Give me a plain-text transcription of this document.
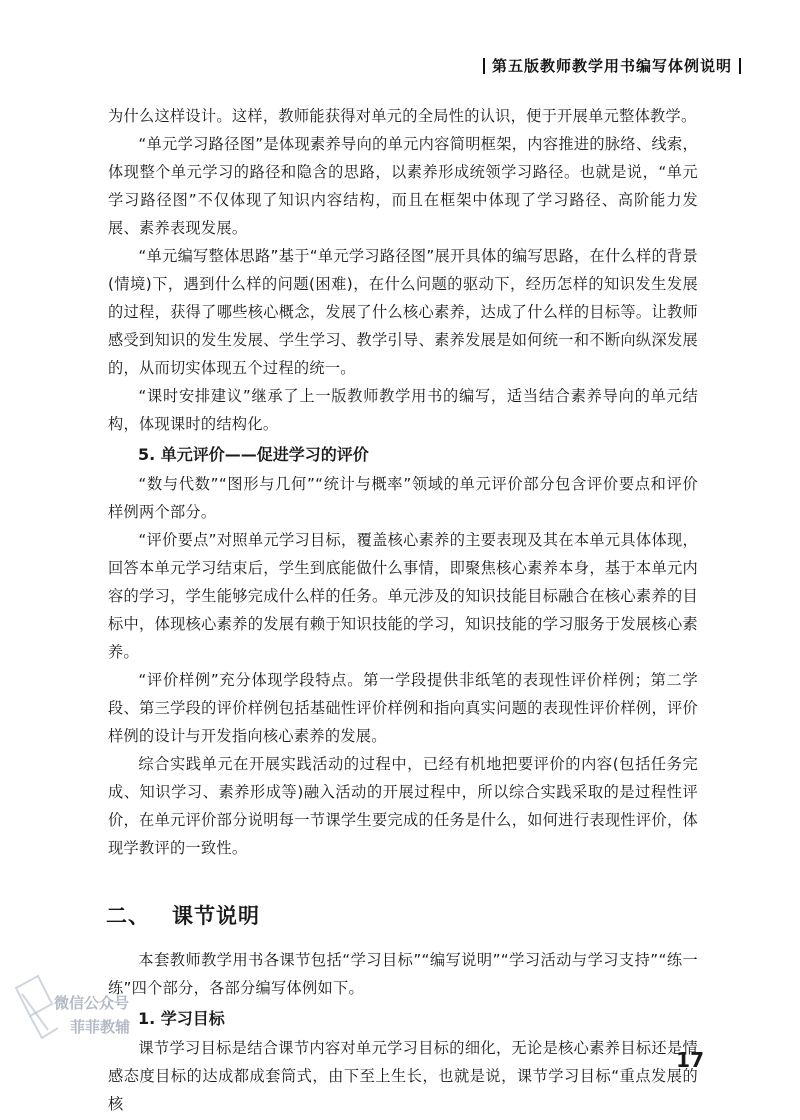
第五版教师教学用书编写体例说明

为什么这样设计。这样，教师能获得对单元的全局性的认识，便于开展单元整体教学。

“单元学习路径图”是体现素养导向的单元内容简明框架，内容推进的脉络、线索，体现整个单元学习的路径和隐含的思路，以素养形成统领学习路径。也就是说，“单元学习路径图”不仅体现了知识内容结构，而且在框架中体现了学习路径、高阶能力发展、素养表现发展。

“单元编写整体思路”基于“单元学习路径图”展开具体的编写思路，在什么样的背景(情境)下，遇到什么样的问题(困难)，在什么问题的驱动下，经历怎样的知识发生发展的过程，获得了哪些核心概念，发展了什么核心素养，达成了什么样的目标等。让教师感受到知识的发生发展、学生学习、教学引导、素养发展是如何统一和不断向纵深发展的，从而切实体现五个过程的统一。

“课时安排建议”继承了上一版教师教学用书的编写，适当结合素养导向的单元结构，体现课时的结构化。

5. 单元评价——促进学习的评价

“数与代数”“图形与几何”“统计与概率”领域的单元评价部分包含评价要点和评价样例两个部分。

“评价要点”对照单元学习目标，覆盖核心素养的主要表现及其在本单元具体体现，回答本单元学习结束后，学生到底能做什么事情，即聚焦核心素养本身，基于本单元内容的学习，学生能够完成什么样的任务。单元涉及的知识技能目标融合在核心素养的目标中，体现核心素养的发展有赖于知识技能的学习，知识技能的学习服务于发展核心素养。

“评价样例”充分体现学段特点。第一学段提供非纸笔的表现性评价样例；第二学段、第三学段的评价样例包括基础性评价样例和指向真实问题的表现性评价样例，评价样例的设计与开发指向核心素养的发展。

综合实践单元在开展实践活动的过程中，已经有机地把要评价的内容(包括任务完成、知识学习、素养形成等)融入活动的开展过程中，所以综合实践采取的是过程性评价，在单元评价部分说明每一节课学生要完成的任务是什么，如何进行表现性评价，体现学教评的一致性。

二、 课节说明

本套教师教学用书各课节包括“学习目标”“编写说明”“学习活动与学习支持”“练一练”四个部分，各部分编写体例如下。

1. 学习目标

课节学习目标是结合课节内容对单元学习目标的细化，无论是核心素养目标还是情感态度目标的达成都成套筒式，由下至上生长，也就是说，课节学习目标“重点发展的核

微信公众号
菲菲教辅
17
